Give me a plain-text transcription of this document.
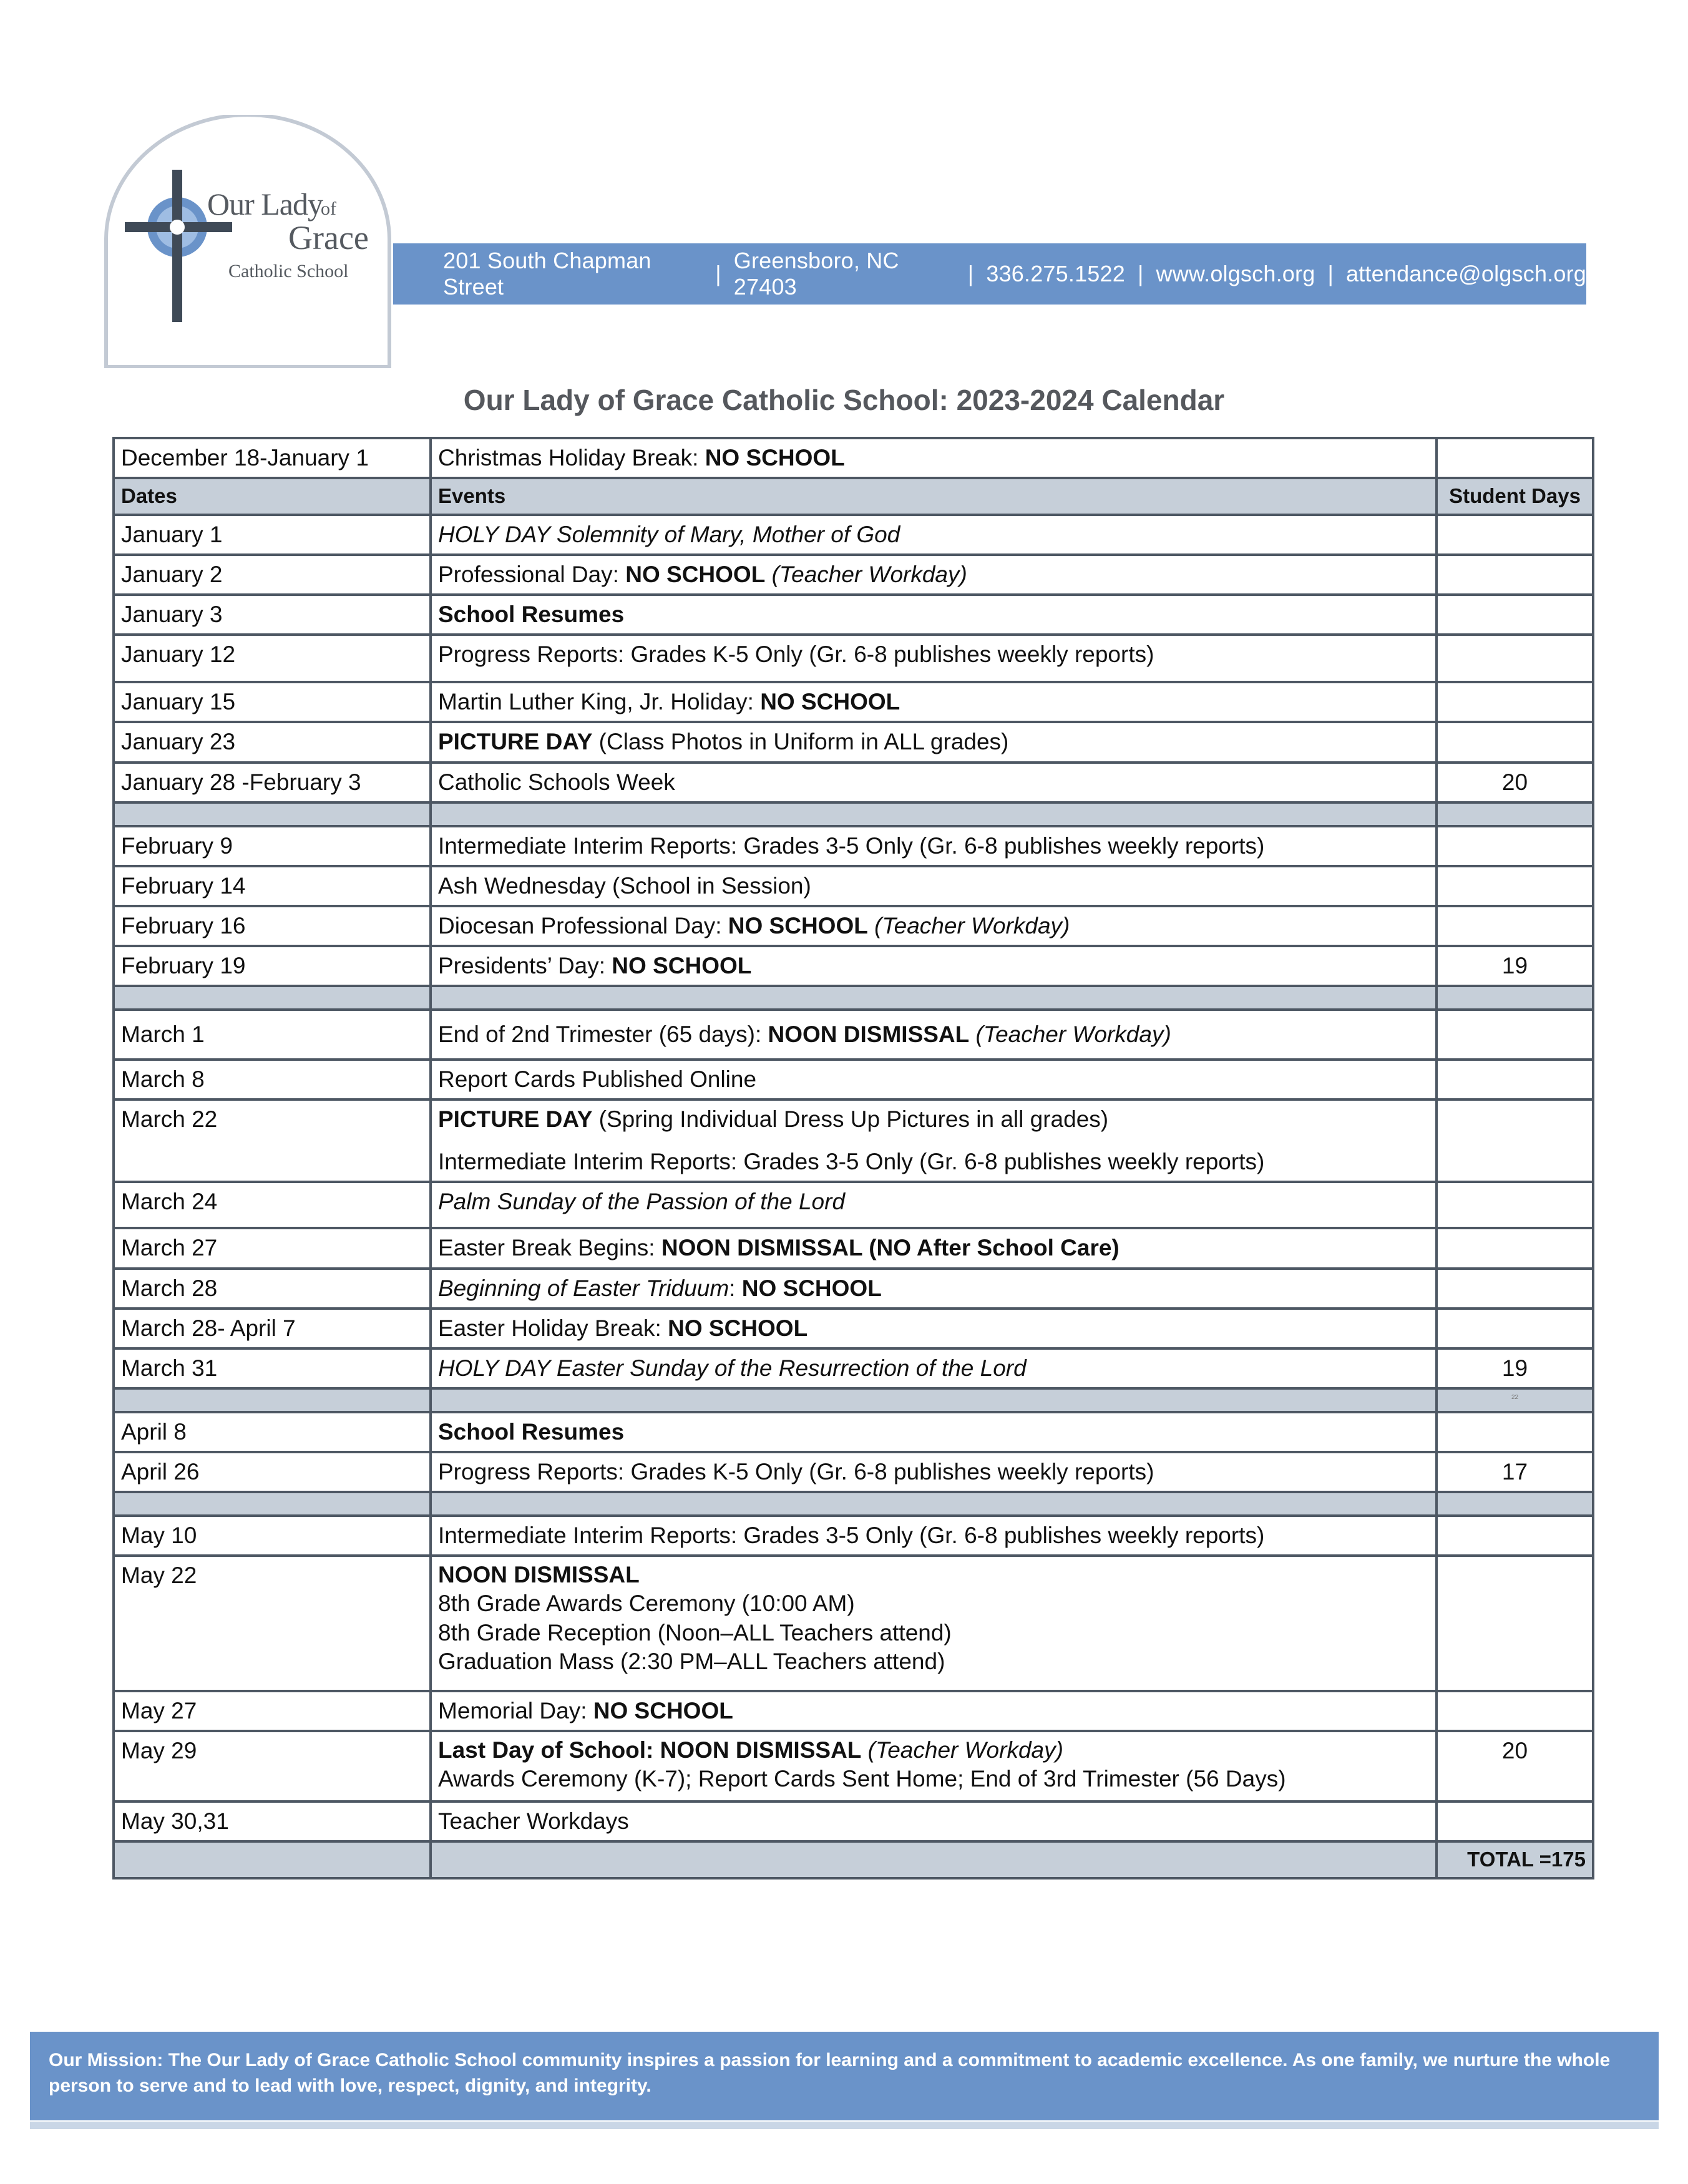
Our Lady
of
Grace
Catholic School	201 South Chapman Street
|
Greensboro, NC 27403
| 336.275.1522 | www.olgsch.org | attendance@olgsch.org
Our Lady of Grace Catholic School: 2023-2024 Calendar
December 18-January 1	Christmas Holiday Break: NO SCHOOL	
Dates	Events	Student Days
January 1	HOLY DAY Solemnity of Mary, Mother of God	
January 2	Professional Day: NO SCHOOL (Teacher Workday)	
January 3	School Resumes	
January 12	Progress Reports: Grades K-5 Only (Gr. 6-8 publishes weekly reports)	
January 15	Martin Luther King, Jr. Holiday: NO SCHOOL	
January 23	PICTURE DAY (Class Photos in Uniform in ALL grades)	
January 28 -February 3	Catholic Schools Week	20

February 9	Intermediate Interim Reports: Grades 3-5 Only (Gr. 6-8 publishes weekly reports)	
February 14	Ash Wednesday (School in Session)	
February 16	Diocesan Professional Day: NO SCHOOL (Teacher Workday)	
February 19	Presidents’ Day: NO SCHOOL	19

March 1	End of 2nd Trimester (65 days): NOON DISMISSAL (Teacher Workday)	
March 8	Report Cards Published Online	
March 22	PICTURE DAY (Spring Individual Dress Up Pictures in all grades)
Intermediate Interim Reports: Grades 3-5 Only (Gr. 6-8 publishes weekly reports)	

March 24	Palm Sunday of the Passion of the Lord	
March 27	Easter Break Begins: NOON DISMISSAL (NO After School Care)	
March 28	Beginning of Easter Triduum: NO SCHOOL	
March 28- April 7	Easter Holiday Break: NO SCHOOL	
March 31	HOLY DAY Easter Sunday of the Resurrection of the Lord	19

		22

April 8	School Resumes	
April 26	Progress Reports: Grades K-5 Only (Gr. 6-8 publishes weekly reports)	17

May 10	Intermediate Interim Reports: Grades 3-5 Only (Gr. 6-8 publishes weekly reports)	
May 22	NOON DISMISSAL
8th Grade Awards Ceremony (10:00 AM)
8th Grade Reception (Noon–ALL Teachers attend)
Graduation Mass (2:30 PM–ALL Teachers attend)	

May 27	Memorial Day: NO SCHOOL	
May 29	Last Day of School: NOON DISMISSAL (Teacher Workday)
Awards Ceremony (K-7); Report Cards Sent Home; End of 3rd Trimester (56 Days)	20
May 30,31	Teacher Workdays	
		TOTAL =175
Our Mission: The Our Lady of Grace Catholic School community inspires a passion for learning and a commitment to academic excellence. As one family, we nurture the whole person to serve and to lead with love, respect, dignity, and integrity.
